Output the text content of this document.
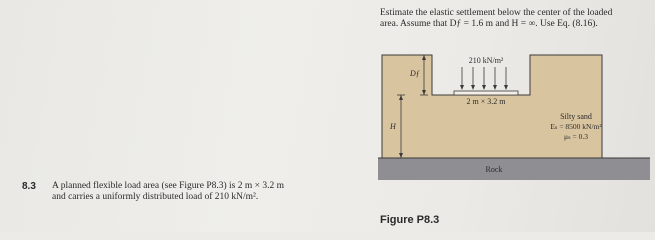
Estimate the elastic settlement below the center of the loaded
area. Assume that Dƒ = 1.6 m and H = ∞. Use Eq. (8.16).
210 kN/m²
2 m × 3.2 m
Dƒ
H
Silty sand
Eₛ = 8500 kN/m²
μₛ = 0.3
Rock
8.3 A planned flexible load area (see Figure P8.3) is 2 m × 3.2 m
and carries a uniformly distributed load of 210 kN/m².
Figure P8.3
